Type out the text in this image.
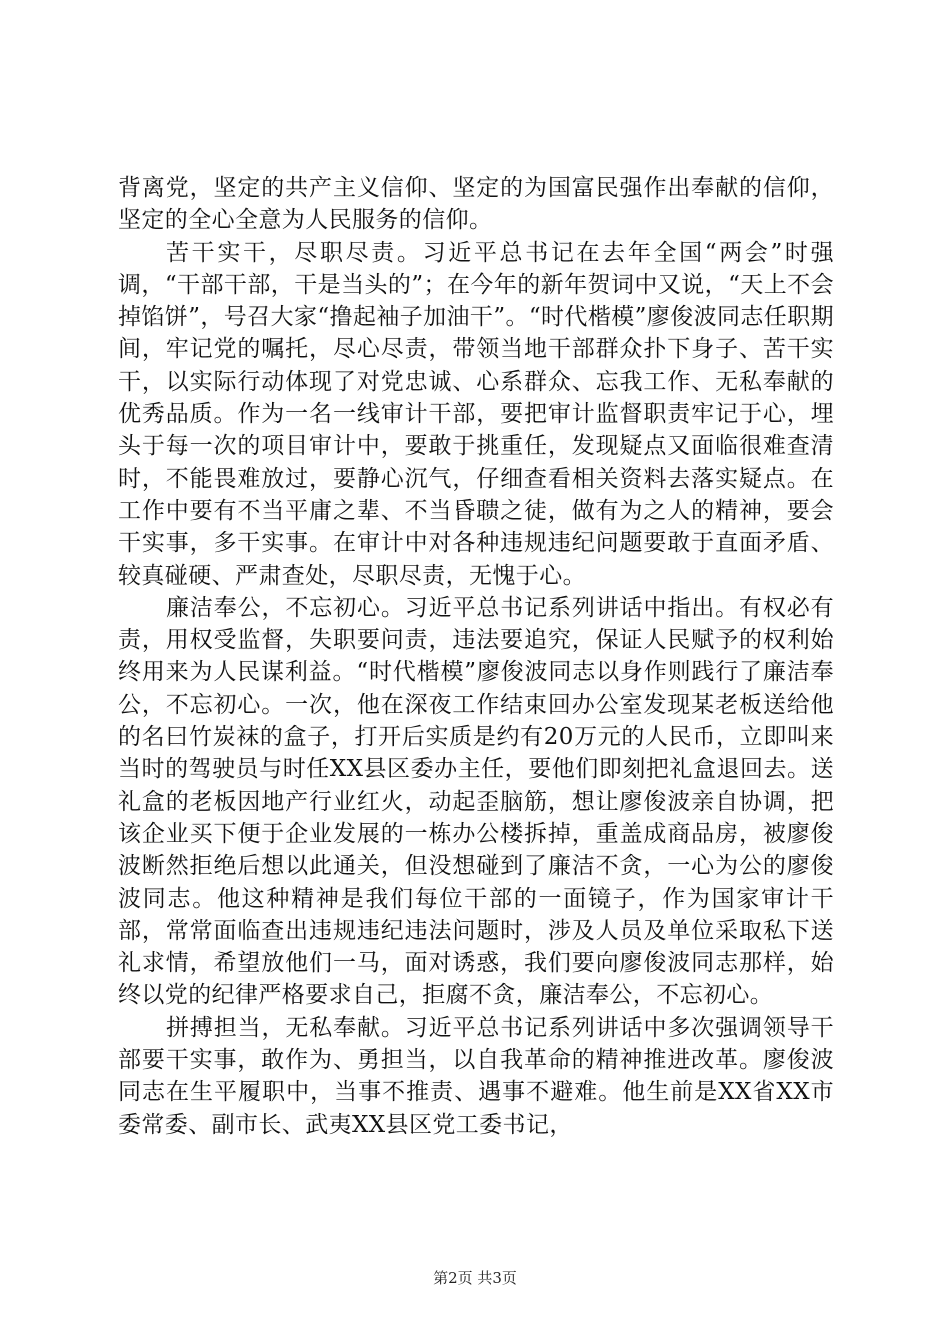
背离党，坚定的共产主义信仰、坚定的为国富民强作出奉献的信仰，坚定的全心全意为人民服务的信仰。

苦干实干，尽职尽责。习近平总书记在去年全国“两会”时强调，“干部干部，干是当头的”；在今年的新年贺词中又说，“天上不会掉馅饼”，号召大家“撸起袖子加油干”。“时代楷模”廖俊波同志任职期间，牢记党的嘱托，尽心尽责，带领当地干部群众扑下身子、苦干实干，以实际行动体现了对党忠诚、心系群众、忘我工作、无私奉献的优秀品质。作为一名一线审计干部，要把审计监督职责牢记于心，埋头于每一次的项目审计中，要敢于挑重任，发现疑点又面临很难查清时，不能畏难放过，要静心沉气，仔细查看相关资料去落实疑点。在工作中要有不当平庸之辈、不当昏聩之徒，做有为之人的精神，要会干实事，多干实事。在审计中对各种违规违纪问题要敢于直面矛盾、较真碰硬、严肃查处，尽职尽责，无愧于心。

廉洁奉公，不忘初心。习近平总书记系列讲话中指出。有权必有责，用权受监督，失职要问责，违法要追究，保证人民赋予的权利始终用来为人民谋利益。“时代楷模”廖俊波同志以身作则践行了廉洁奉公，不忘初心。一次，他在深夜工作结束回办公室发现某老板送给他的名曰竹炭袜的盒子，打开后实质是约有20万元的人民币，立即叫来当时的驾驶员与时任XX县区委办主任，要他们即刻把礼盒退回去。送礼盒的老板因地产行业红火，动起歪脑筋，想让廖俊波亲自协调，把该企业买下便于企业发展的一栋办公楼拆掉，重盖成商品房，被廖俊波断然拒绝后想以此通关，但没想碰到了廉洁不贪，一心为公的廖俊波同志。他这种精神是我们每位干部的一面镜子，作为国家审计干部，常常面临查出违规违纪违法问题时，涉及人员及单位采取私下送礼求情，希望放他们一马，面对诱惑，我们要向廖俊波同志那样，始终以党的纪律严格要求自己，拒腐不贪，廉洁奉公，不忘初心。

拼搏担当，无私奉献。习近平总书记系列讲话中多次强调领导干部要干实事，敢作为、勇担当，以自我革命的精神推进改革。廖俊波同志在生平履职中，当事不推责、遇事不避难。他生前是XX省XX市委常委、副市长、武夷XX县区党工委书记，

第2页 共3页
